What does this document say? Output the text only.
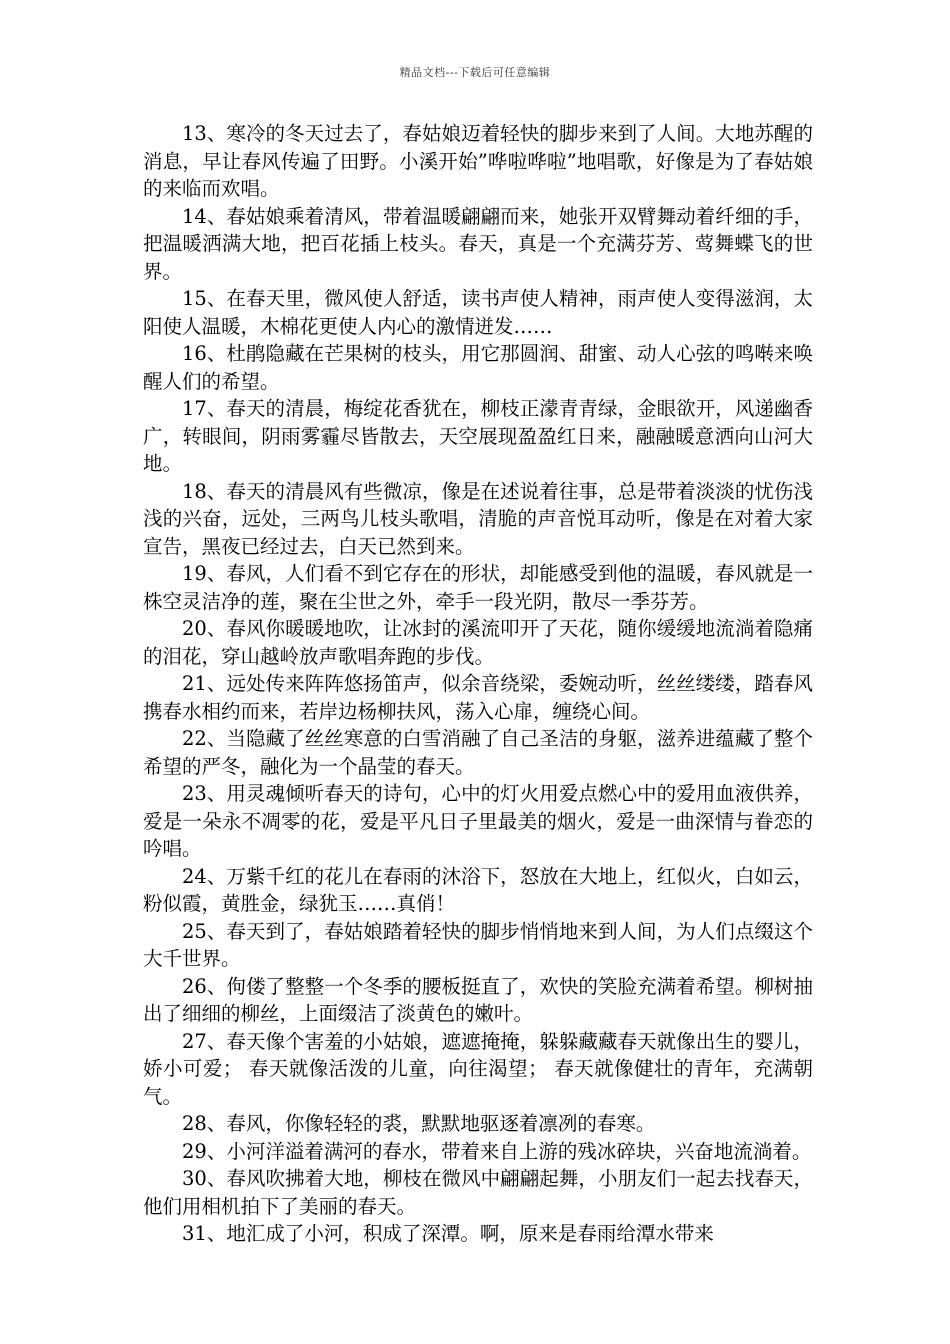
精品文档---下载后可任意编辑

13、寒冷的冬天过去了，春姑娘迈着轻快的脚步来到了人间。大地苏醒的消息，早让春风传遍了田野。小溪开始”哗啦哗啦”地唱歌，好像是为了春姑娘的来临而欢唱。

14、春姑娘乘着清风，带着温暖翩翩而来，她张开双臂舞动着纤细的手，把温暖洒满大地，把百花插上枝头。春天，真是一个充满芬芳、莺舞蝶飞的世界。

15、在春天里，微风使人舒适，读书声使人精神，雨声使人变得滋润，太阳使人温暖，木棉花更使人内心的激情迸发……

16、杜鹃隐藏在芒果树的枝头，用它那圆润、甜蜜、动人心弦的鸣啭来唤醒人们的希望。

17、春天的清晨，梅绽花香犹在，柳枝正濛青青绿，金眼欲开，风递幽香广，转眼间，阴雨雾霾尽皆散去，天空展现盈盈红日来，融融暖意洒向山河大地。

18、春天的清晨风有些微凉，像是在述说着往事，总是带着淡淡的忧伤浅浅的兴奋，远处，三两鸟儿枝头歌唱，清脆的声音悦耳动听，像是在对着大家宣告，黑夜已经过去，白天已然到来。

19、春风，人们看不到它存在的形状，却能感受到他的温暖，春风就是一株空灵洁净的莲，聚在尘世之外，牵手一段光阴，散尽一季芬芳。

20、春风你暖暖地吹，让冰封的溪流叩开了天花，随你缓缓地流淌着隐痛的泪花，穿山越岭放声歌唱奔跑的步伐。

21、远处传来阵阵悠扬笛声，似余音绕梁，委婉动听，丝丝缕缕，踏春风携春水相约而来，若岸边杨柳扶风，荡入心扉，缠绕心间。

22、当隐藏了丝丝寒意的白雪消融了自己圣洁的身躯，滋养进蕴藏了整个希望的严冬，融化为一个晶莹的春天。

23、用灵魂倾听春天的诗句，心中的灯火用爱点燃心中的爱用血液供养，爱是一朵永不凋零的花，爱是平凡日子里最美的烟火，爱是一曲深情与眷恋的吟唱。

24、万紫千红的花儿在春雨的沐浴下，怒放在大地上，红似火，白如云，粉似霞，黄胜金，绿犹玉……真俏！

25、春天到了，春姑娘踏着轻快的脚步悄悄地来到人间，为人们点缀这个大千世界。

26、佝偻了整整一个冬季的腰板挺直了，欢快的笑脸充满着希望。柳树抽出了细细的柳丝，上面缀洁了淡黄色的嫩叶。

27、春天像个害羞的小姑娘，遮遮掩掩，躲躲藏藏春天就像出生的婴儿，娇小可爱； 春天就像活泼的儿童，向往渴望； 春天就像健壮的青年，充满朝气。

28、春风，你像轻轻的裘，默默地驱逐着凛冽的春寒。

29、小河洋溢着满河的春水，带着来自上游的残冰碎块，兴奋地流淌着。

30、春风吹拂着大地，柳枝在微风中翩翩起舞，小朋友们一起去找春天，他们用相机拍下了美丽的春天。

31、地汇成了小河，积成了深潭。啊，原来是春雨给潭水带来
